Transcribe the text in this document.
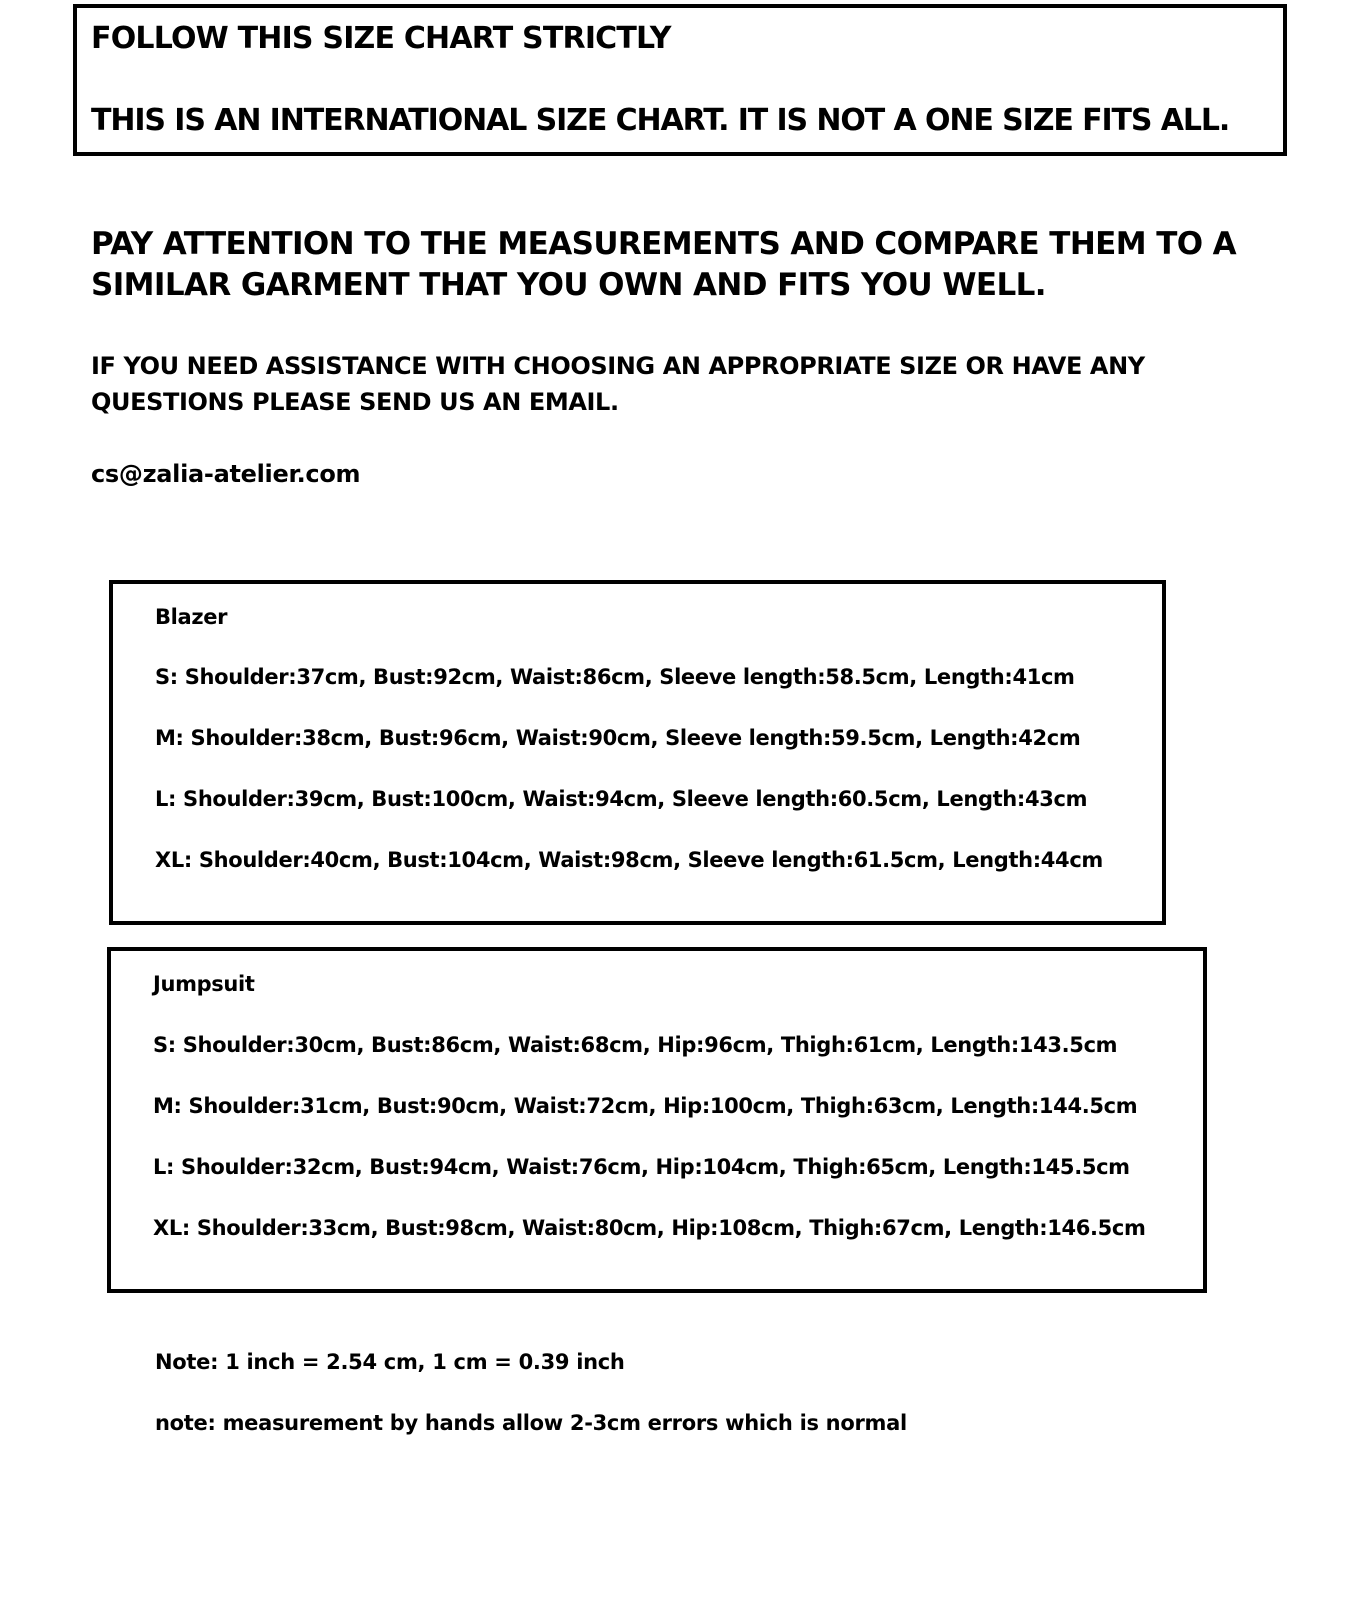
FOLLOW THIS SIZE CHART STRICTLY

THIS IS AN INTERNATIONAL SIZE CHART. IT IS NOT A ONE SIZE FITS ALL.

PAY ATTENTION TO THE MEASUREMENTS AND COMPARE THEM TO A SIMILAR GARMENT THAT YOU OWN AND FITS YOU WELL.

IF YOU NEED ASSISTANCE WITH CHOOSING AN APPROPRIATE SIZE OR HAVE ANY QUESTIONS PLEASE SEND US AN EMAIL.

cs@zalia-atelier.com

Blazer

S: Shoulder:37cm, Bust:92cm, Waist:86cm, Sleeve length:58.5cm, Length:41cm

M: Shoulder:38cm, Bust:96cm, Waist:90cm, Sleeve length:59.5cm, Length:42cm

L: Shoulder:39cm, Bust:100cm, Waist:94cm, Sleeve length:60.5cm, Length:43cm

XL: Shoulder:40cm, Bust:104cm, Waist:98cm, Sleeve length:61.5cm, Length:44cm

Jumpsuit

S: Shoulder:30cm, Bust:86cm, Waist:68cm, Hip:96cm, Thigh:61cm, Length:143.5cm

M: Shoulder:31cm, Bust:90cm, Waist:72cm, Hip:100cm, Thigh:63cm, Length:144.5cm

L: Shoulder:32cm, Bust:94cm, Waist:76cm, Hip:104cm, Thigh:65cm, Length:145.5cm

XL: Shoulder:33cm, Bust:98cm, Waist:80cm, Hip:108cm, Thigh:67cm, Length:146.5cm

Note: 1 inch = 2.54 cm, 1 cm = 0.39 inch

note: measurement by hands allow 2-3cm errors which is normal
